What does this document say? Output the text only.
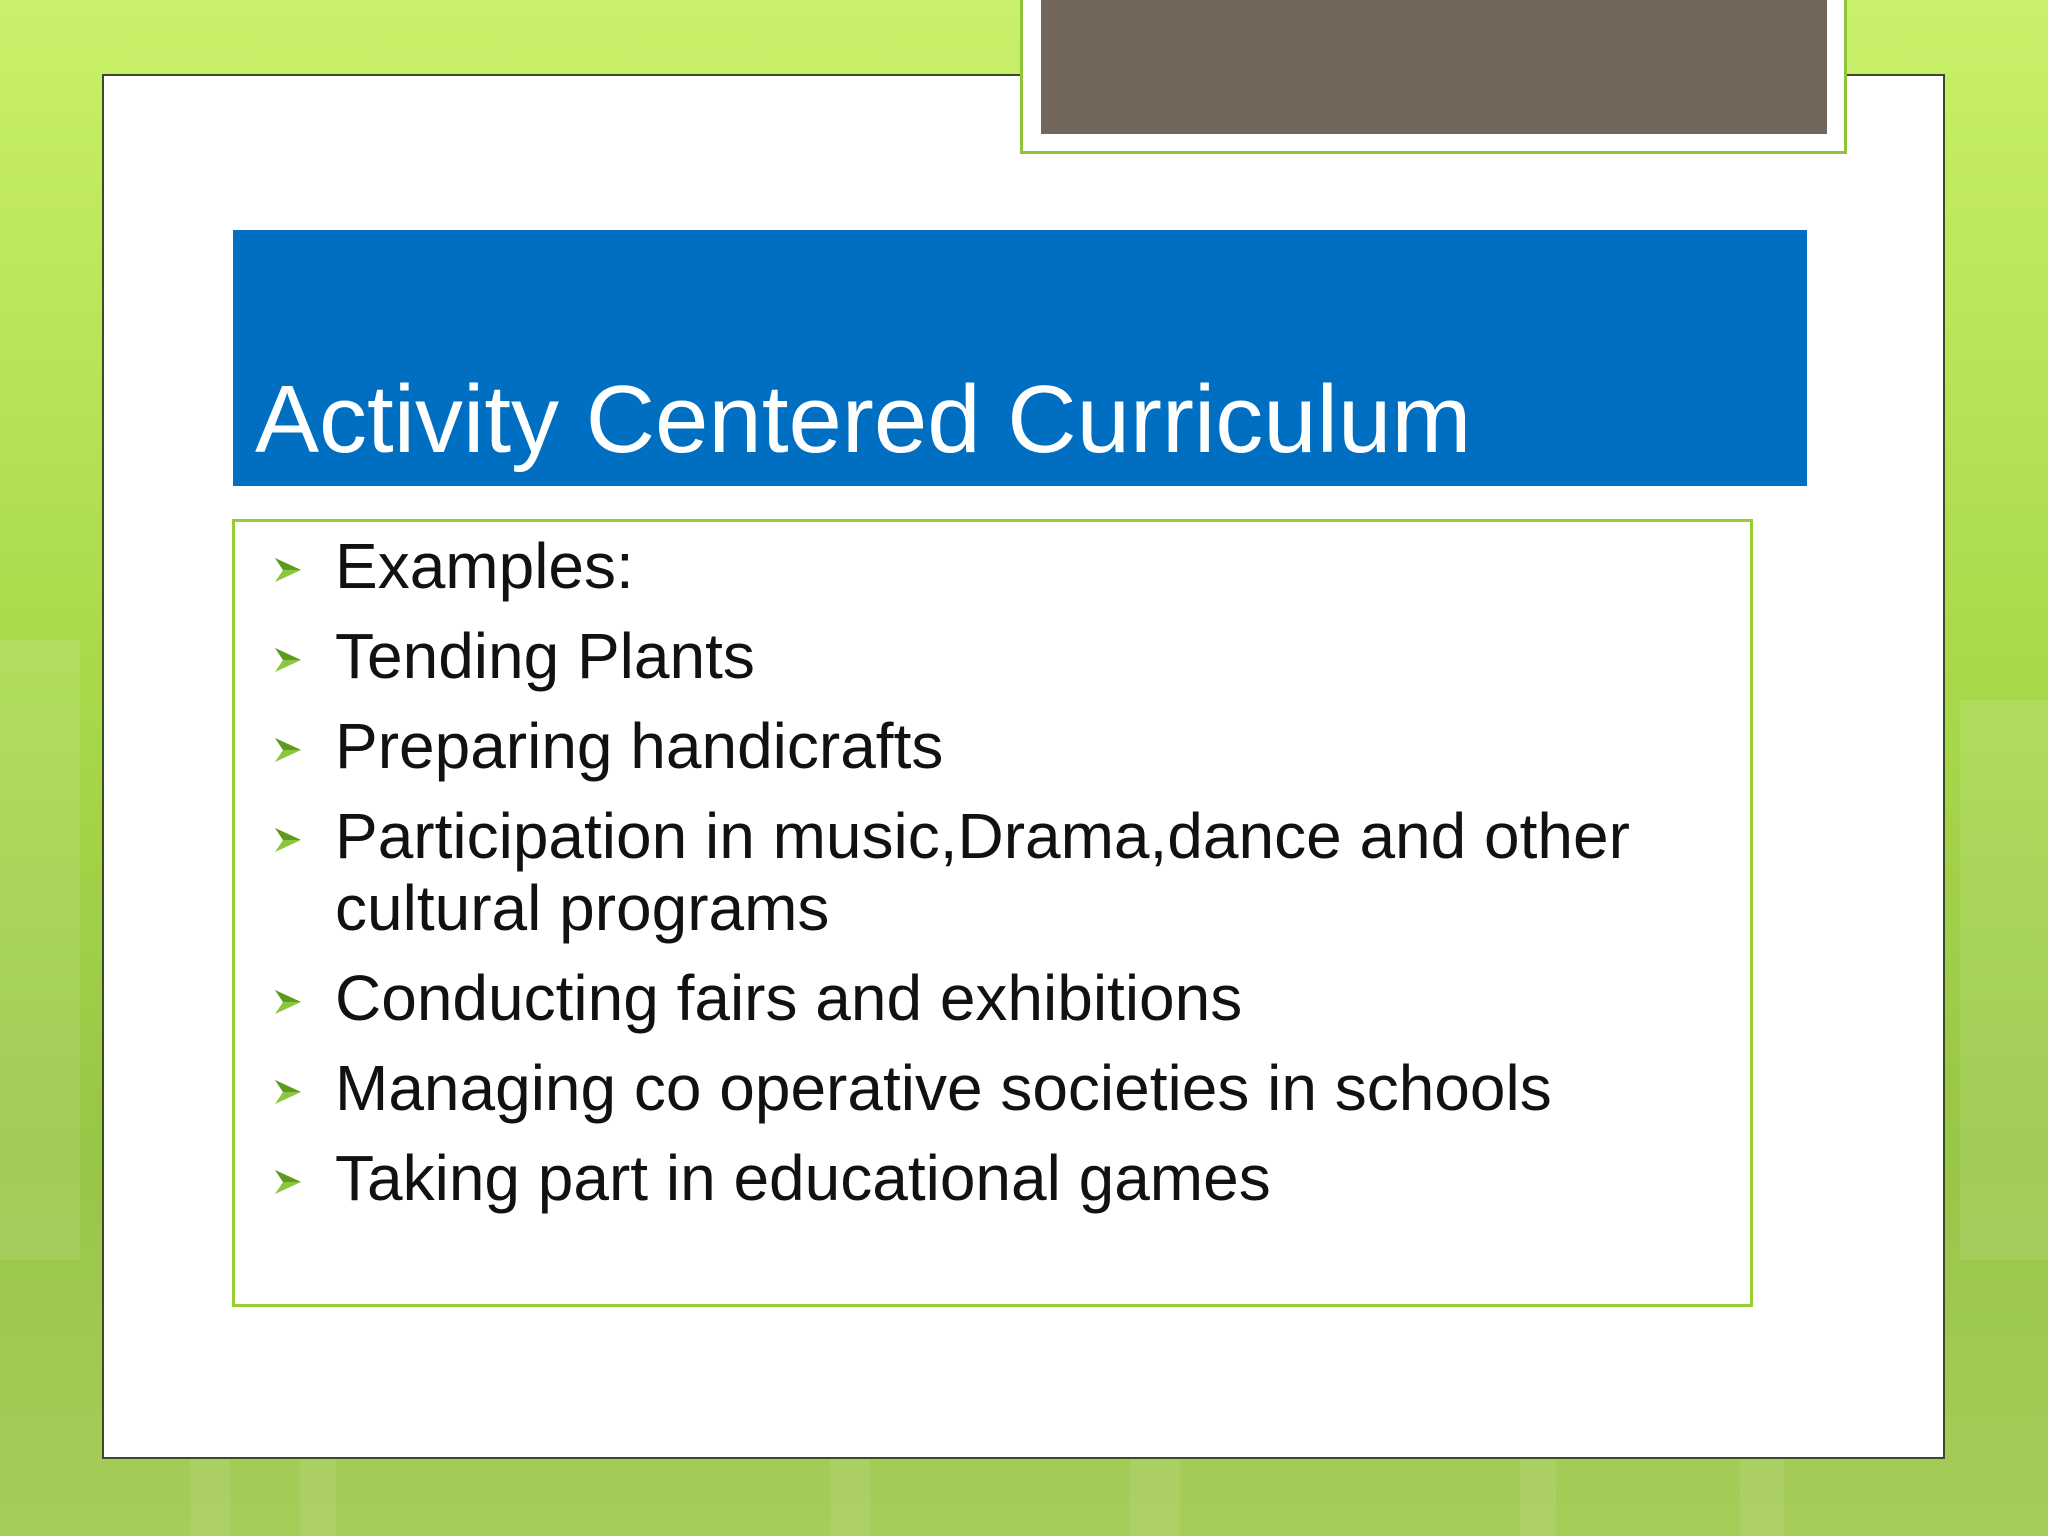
Activity Centered Curriculum
Examples:
Tending Plants
Preparing handicrafts
Participation in music,Drama,dance and other cultural programs
Conducting fairs and exhibitions
Managing co operative societies in schools
Taking part in educational games
